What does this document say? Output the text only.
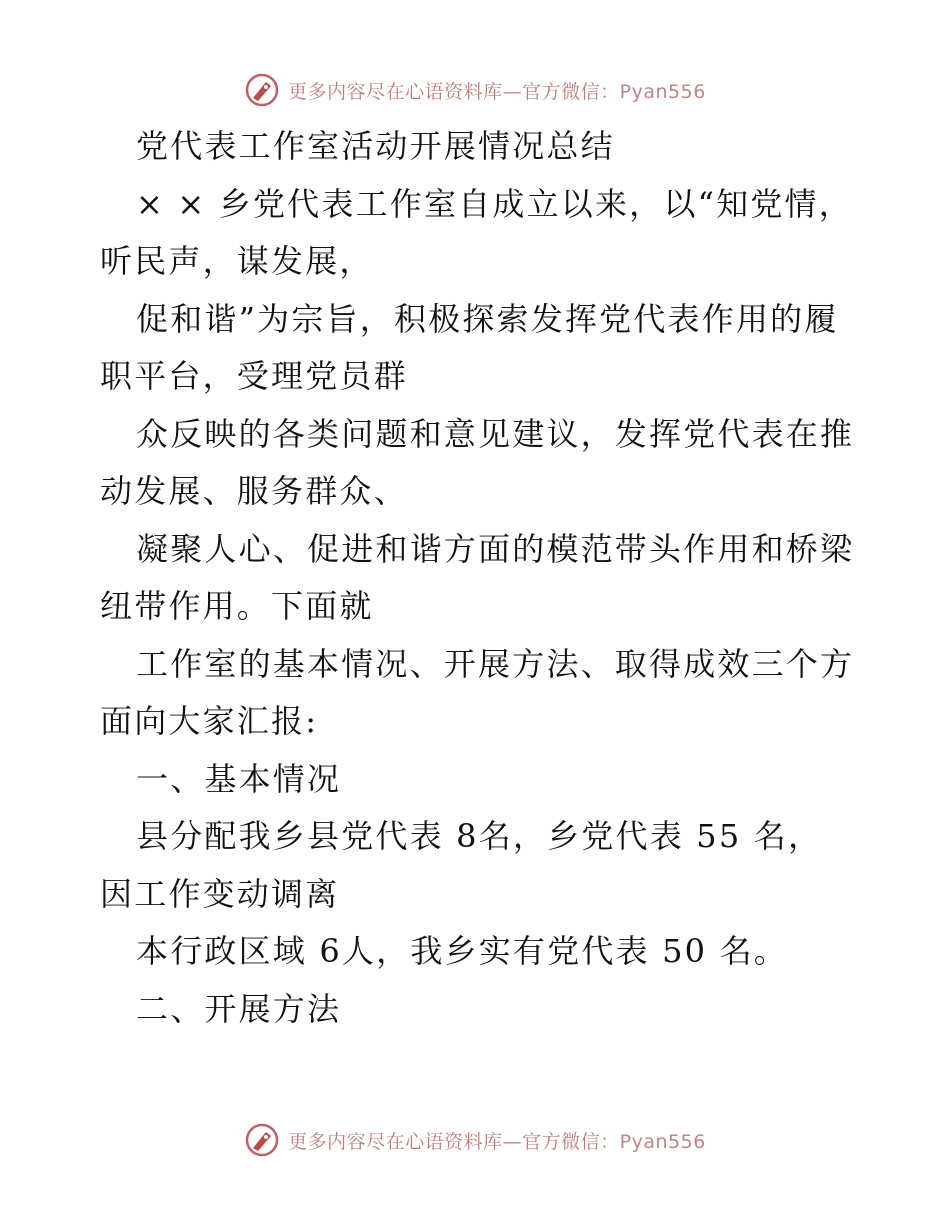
更多内容尽在心语资料库—官方微信：Pyan556
党代表工作室活动开展情况总结
× × 乡党代表工作室自成立以来，以“知党情，
听民声，谋发展，
促和谐”为宗旨，积极探索发挥党代表作用的履
职平台，受理党员群
众反映的各类问题和意见建议，发挥党代表在推
动发展、服务群众、
凝聚人心、促进和谐方面的模范带头作用和桥梁
纽带作用。下面就
工作室的基本情况、开展方法、取得成效三个方
面向大家汇报:
一、基本情况
县分配我乡县党代表 8名，乡党代表 55 名，
因工作变动调离
本行政区域 6人，我乡实有党代表 50 名。
二、开展方法
更多内容尽在心语资料库—官方微信：Pyan556
